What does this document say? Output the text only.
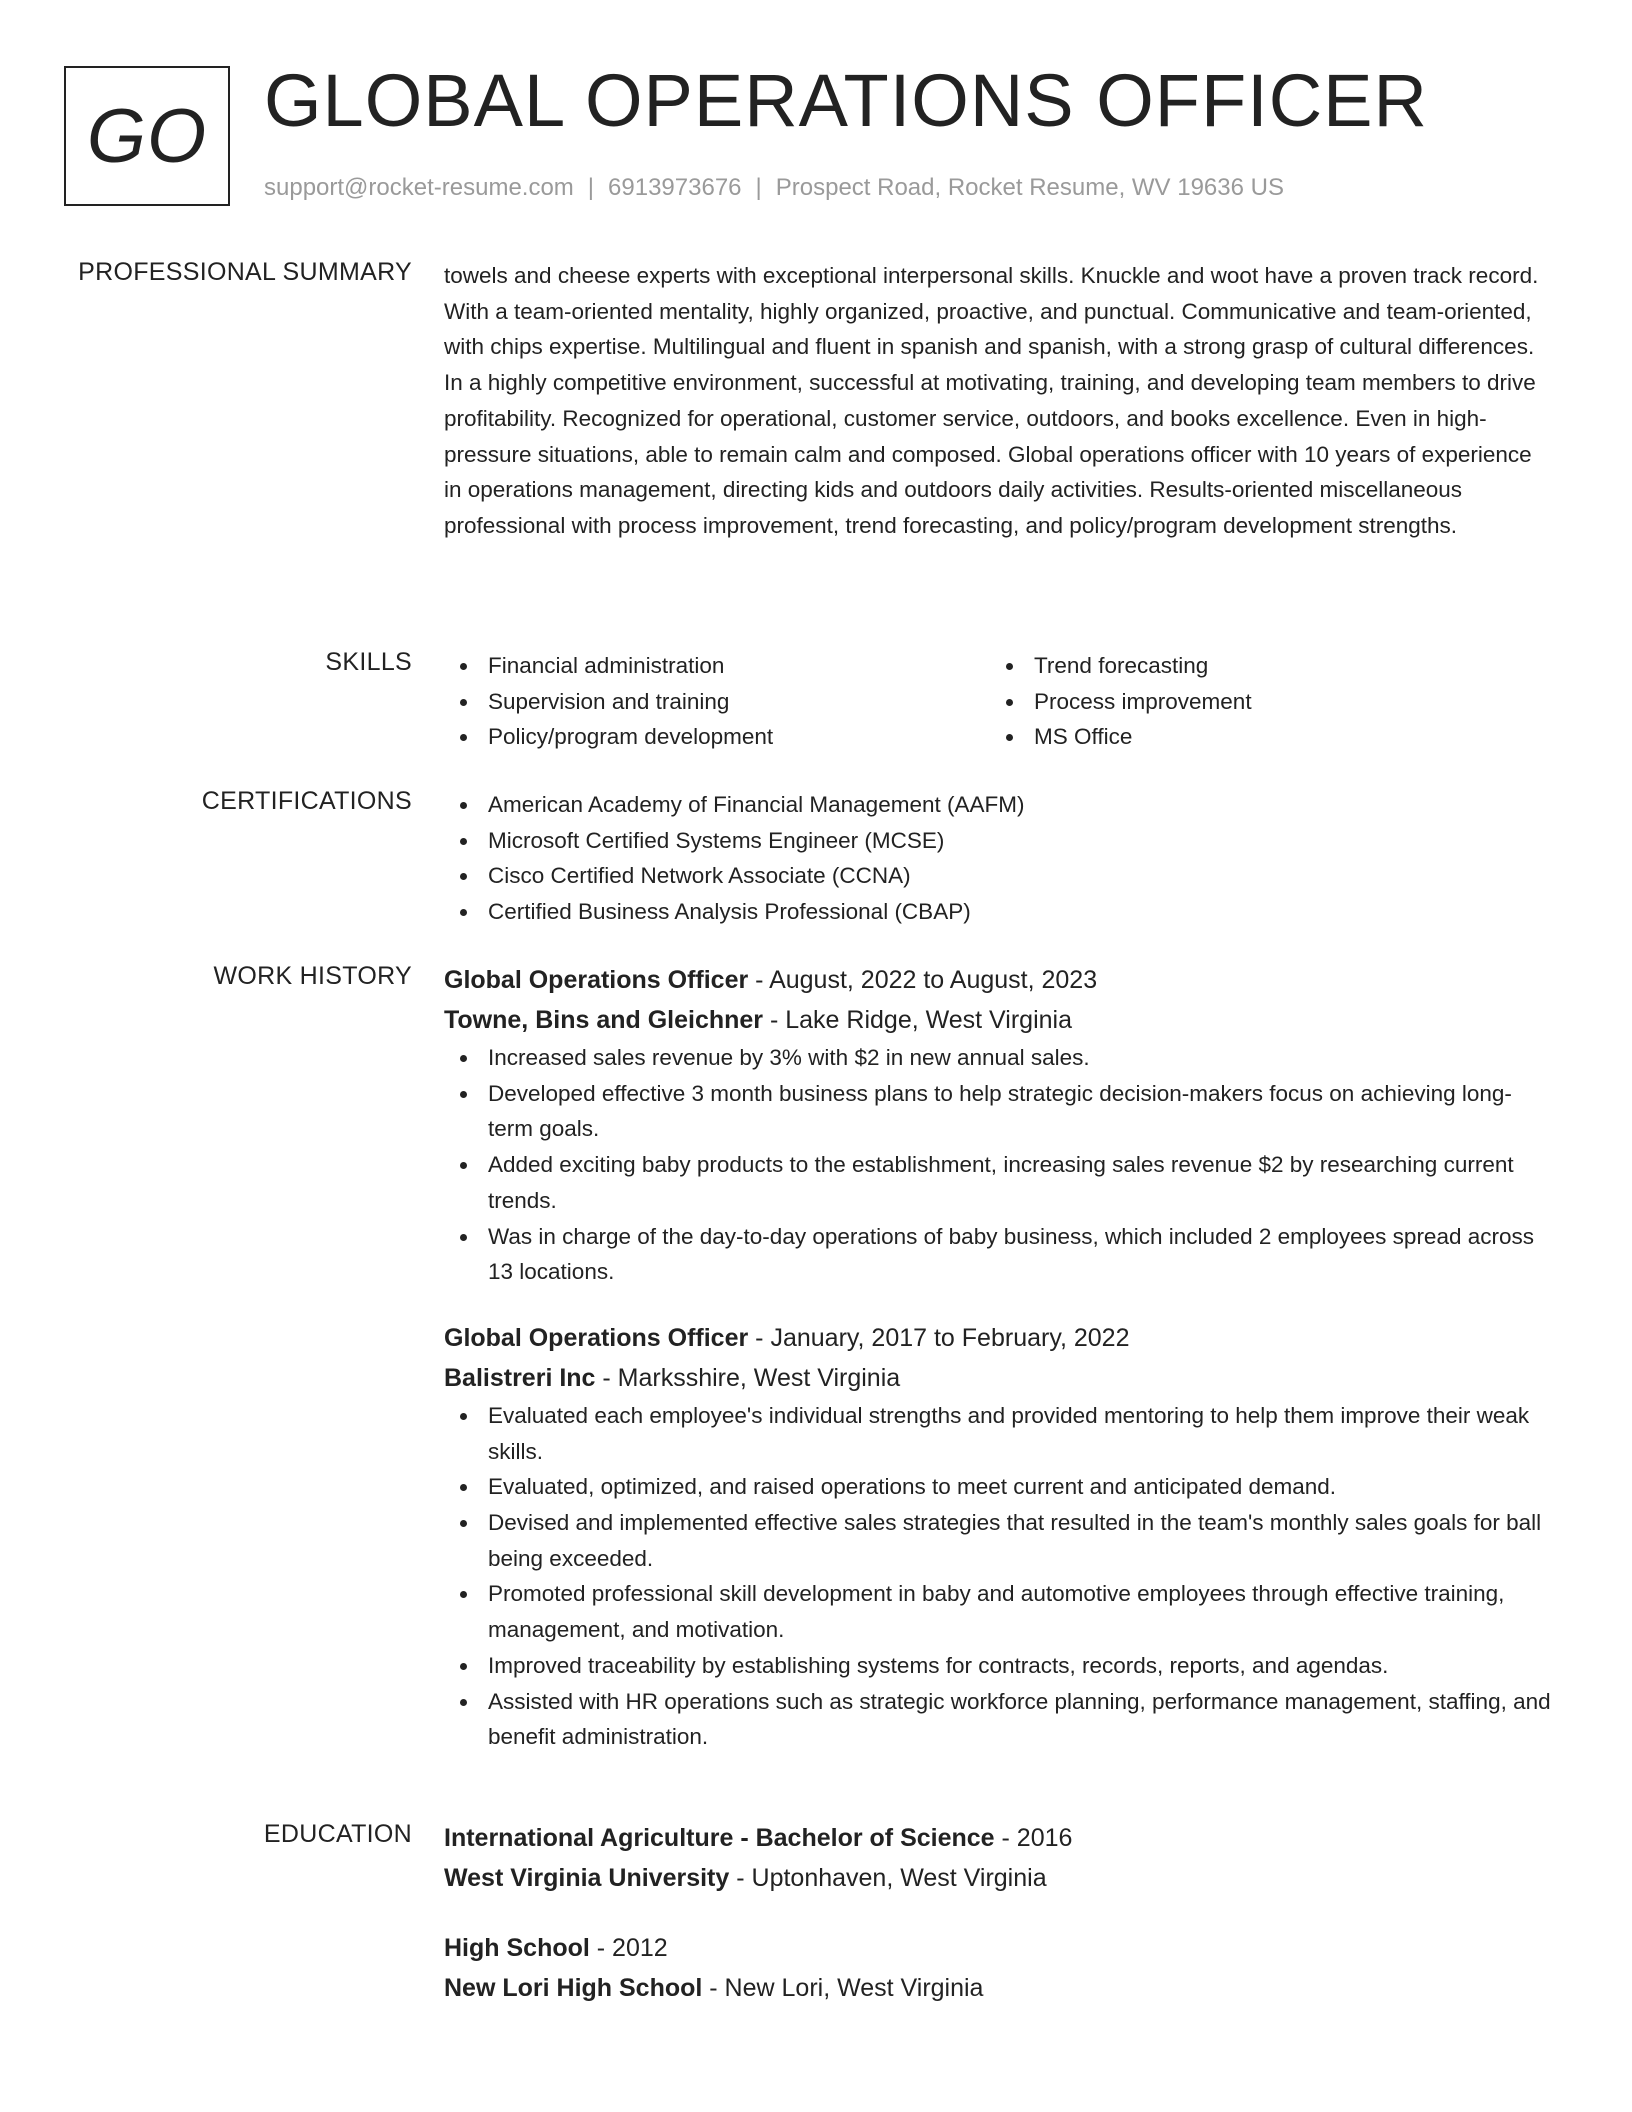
GO GLOBAL OPERATIONS OFFICER
support@rocket-resume.com | 6913973676 | Prospect Road, Rocket Resume, WV 19636 US
PROFESSIONAL SUMMARY towels and cheese experts with exceptional interpersonal skills. Knuckle and woot have a proven track record. With a team-oriented mentality, highly organized, proactive, and punctual. Communicative and team-oriented, with chips expertise. Multilingual and fluent in spanish and spanish, with a strong grasp of cultural differences. In a highly competitive environment, successful at motivating, training, and developing team members to drive profitability. Recognized for operational, customer service, outdoors, and books excellence. Even in high-pressure situations, able to remain calm and composed. Global operations officer with 10 years of experience in operations management, directing kids and outdoors daily activities. Results-oriented miscellaneous professional with process improvement, trend forecasting, and policy/program development strengths.

SKILLS	Financial administration
Supervision and training
Policy/program development
Trend forecasting
Process improvement
MS Office
CERTIFICATIONS	American Academy of Financial Management (AAFM)
Microsoft Certified Systems Engineer (MCSE)
Cisco Certified Network Associate (CCNA)
Certified Business Analysis Professional (CBAP)
WORK HISTORY Global Operations Officer - August, 2022 to August, 2023
Towne, Bins and Gleichner - Lake Ridge, West Virginia
Increased sales revenue by 3% with $2 in new annual sales.
Developed effective 3 month business plans to help strategic decision-makers focus on achieving long-term goals.
Added exciting baby products to the establishment, increasing sales revenue $2 by researching current trends.
Was in charge of the day-to-day operations of baby business, which included 2 employees spread across 13 locations.
Global Operations Officer - January, 2017 to February, 2022
Balistreri Inc - Marksshire, West Virginia
Evaluated each employee's individual strengths and provided mentoring to help them improve their weak skills.
Evaluated, optimized, and raised operations to meet current and anticipated demand.
Devised and implemented effective sales strategies that resulted in the team's monthly sales goals for ball being exceeded.
Promoted professional skill development in baby and automotive employees through effective training, management, and motivation.
Improved traceability by establishing systems for contracts, records, reports, and agendas.
Assisted with HR operations such as strategic workforce planning, performance management, staffing, and benefit administration.
EDUCATION International Agriculture - Bachelor of Science - 2016
West Virginia University - Uptonhaven, West Virginia
High School - 2012
New Lori High School - New Lori, West Virginia
